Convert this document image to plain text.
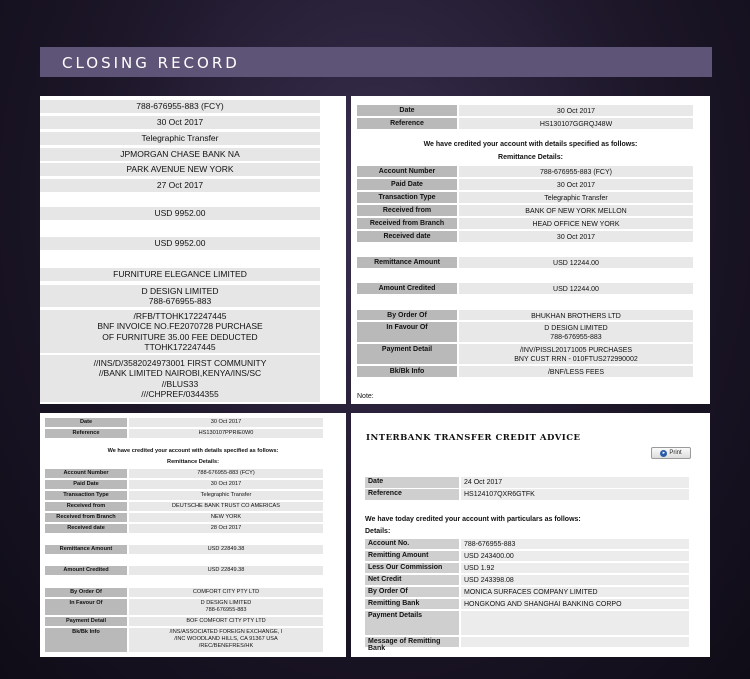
CLOSING RECORD
788-676955-883 (FCY)
30 Oct 2017
Telegraphic Transfer
JPMORGAN CHASE BANK NA
PARK AVENUE NEW YORK
27 Oct 2017
USD 9952.00
USD 9952.00
FURNITURE ELEGANCE LIMITED
D DESIGN LIMITED
788-676955-883
/RFB/TTOHK172247445
BNF INVOICE NO.FE2070728 PURCHASE
OF FURNITURE 35.00 FEE DEDUCTED
TTOHK172247445
//INS/D/3582024973001 FIRST COMMUNITY
//BANK LIMITED NAIROBI,KENYA/INS/SC
//BLUS33
///CHPREF/0344355
Date	30 Oct 2017
Reference	HS130107GGRQJ48W
We have credited your account with details specified as follows:
Remittance Details:
Account Number	788-676955-883 (FCY)
Paid Date	30 Oct 2017
Transaction Type	Telegraphic Transfer
Received from	BANK OF NEW YORK MELLON
Received from Branch	HEAD OFFICE NEW YORK
Received date	30 Oct 2017
Remittance Amount	USD 12244.00
Amount Credited	USD 12244.00
By Order Of	BHUKHAN BROTHERS LTD
In Favour Of	D DESIGN LIMITED
788-676955-883
Payment Detail	/INV/PISSL20171005 PURCHASES
BNY CUST RRN - 010FTUS272990002
Bk/Bk Info	/BNF/LESS FEES
Note:
Date	30 Oct 2017
Reference	HS130107PPRIE0W0
We have credited your account with details specified as follows:
Remittance Details:
Account Number	788-676955-883 (FCY)
Paid Date	30 Oct 2017
Transaction Type	Telegraphic Transfer
Received from	DEUTSCHE BANK TRUST CO AMERICAS
Received from Branch	NEW YORK
Received date	28 Oct 2017
Remittance Amount	USD 22849.38
Amount Credited	USD 22849.38
By Order Of	COMFORT CITY PTY LTD
In Favour Of	D DESIGN LIMITED
788-676955-883
Payment Detail	BOF COMFORT CITY PTY LTD
Bk/Bk Info	/INS/ASSOCIATED FOREIGN EXCHANGE, I
/INC WOODLAND HILLS, CA 91367 USA
/REC/BENEFRES/HK
INTERBANK TRANSFER CREDIT ADVICE
▸ Print
Date	24 Oct 2017
Reference	HS124107QXR6GTFK
We have today credited your account with particulars as follows:
Details:
Account No.	788-676955-883
Remitting Amount	USD 243400.00
Less Our Commission	USD 1.92
Net Credit	USD 243398.08
By Order Of	MONICA SURFACES COMPANY LIMITED
Remitting Bank	HONGKONG AND SHANGHAI BANKING CORPO
Payment Details
Message of Remitting Bank
